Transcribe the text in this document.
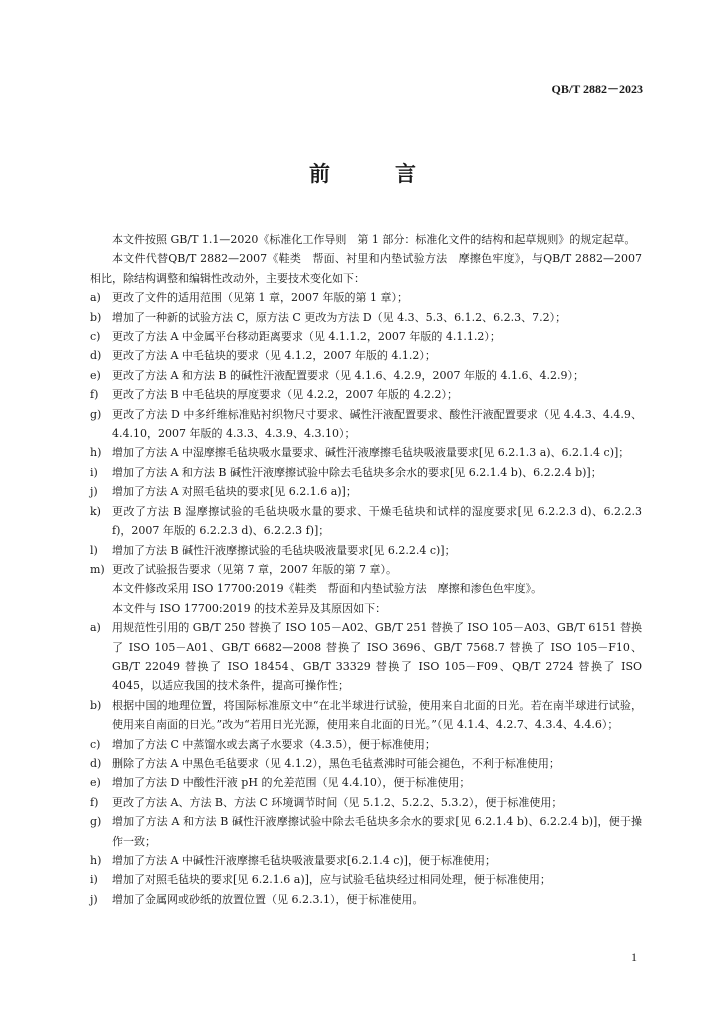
QB/T 2882－2023
前　言

本文件按照 GB/T 1.1—2020《标准化工作导则　第 1 部分：标准化文件的结构和起草规则》的规定起草。

本文件代替QB/T 2882—2007《鞋类　帮面、衬里和内垫试验方法　摩擦色牢度》，与QB/T 2882—2007相比，除结构调整和编辑性改动外，主要技术变化如下：

a)	更改了文件的适用范围（见第 1 章，2007 年版的第 1 章）；
b) 增加了一种新的试验方法 C，原方法 C 更改为方法 D（见 4.3、5.3、6.1.2、6.2.3、7.2）；
c)	更改了方法 A 中金属平台移动距离要求（见 4.1.1.2，2007 年版的 4.1.1.2）；
d) 更改了方法 A 中毛毡块的要求（见 4.1.2，2007 年版的 4.1.2）；
e)	更改了方法 A 和方法 B 的碱性汗液配置要求（见 4.1.6、4.2.9，2007 年版的 4.1.6、4.2.9）；
f)	更改了方法 B 中毛毡块的厚度要求（见 4.2.2，2007 年版的 4.2.2）；
g) 更改了方法 D 中多纤维标准贴衬织物尺寸要求、碱性汗液配置要求、酸性汗液配置要求（见 4.4.3、4.4.9、4.4.10，2007 年版的 4.3.3、4.3.9、4.3.10）；
h) 增加了方法 A 中湿摩擦毛毡块吸水量要求、碱性汗液摩擦毛毡块吸液量要求[见 6.2.1.3 a)、6.2.1.4 c)]；
i)	增加了方法 A 和方法 B 碱性汗液摩擦试验中除去毛毡块多余水的要求[见 6.2.1.4 b)、6.2.2.4 b)]；
j)	增加了方法 A 对照毛毡块的要求[见 6.2.1.6 a)]；
k)	更改了方法 B 湿摩擦试验的毛毡块吸水量的要求、干燥毛毡块和试样的湿度要求[见 6.2.2.3 d)、6.2.2.3 f)，2007 年版的 6.2.2.3 d)、6.2.2.3 f)]；
l)	增加了方法 B 碱性汗液摩擦试验的毛毡块吸液量要求[见 6.2.2.4 c)]；
m) 更改了试验报告要求（见第 7 章，2007 年版的第 7 章）。

本文件修改采用 ISO 17700:2019《鞋类　帮面和内垫试验方法　摩擦和渗色色牢度》。

本文件与 ISO 17700:2019 的技术差异及其原因如下：

a)	用规范性引用的 GB/T 250 替换了 ISO 105－A02、GB/T 251 替换了 ISO 105－A03、GB/T 6151 替换了 ISO 105－A01、GB/T 6682—2008 替换了 ISO 3696、GB/T 7568.7 替换了 ISO 105－F10、GB/T 22049 替换了 ISO 18454、GB/T 33329 替换了 ISO 105－F09、QB/T 2724 替换了 ISO 4045，以适应我国的技术条件，提高可操作性；
b) 根据中国的地理位置，将国际标准原文中“在北半球进行试验，使用来自北面的日光。若在南半球进行试验，使用来自南面的日光。”改为“若用日光光源，使用来自北面的日光。”（见 4.1.4、4.2.7、4.3.4、4.4.6）；
c)	增加了方法 C 中蒸馏水或去离子水要求（4.3.5），便于标准使用；
d) 删除了方法 A 中黑色毛毡要求（见 4.1.2），黑色毛毡煮沸时可能会褪色，不利于标准使用；
e)	增加了方法 D 中酸性汗液 pH 的允差范围（见 4.4.10），便于标准使用；
f)	更改了方法 A、方法 B、方法 C 环境调节时间（见 5.1.2、5.2.2、5.3.2），便于标准使用；
g) 增加了方法 A 和方法 B 碱性汗液摩擦试验中除去毛毡块多余水的要求[见 6.2.1.4 b)、6.2.2.4 b)]，便于操作一致；
h) 增加了方法 A 中碱性汗液摩擦毛毡块吸液量要求[6.2.1.4 c)]，便于标准使用；
i)	增加了对照毛毡块的要求[见 6.2.1.6 a)]，应与试验毛毡块经过相同处理，便于标准使用；
j)	增加了金属网或砂纸的放置位置（见 6.2.3.1），便于标准使用。
1
